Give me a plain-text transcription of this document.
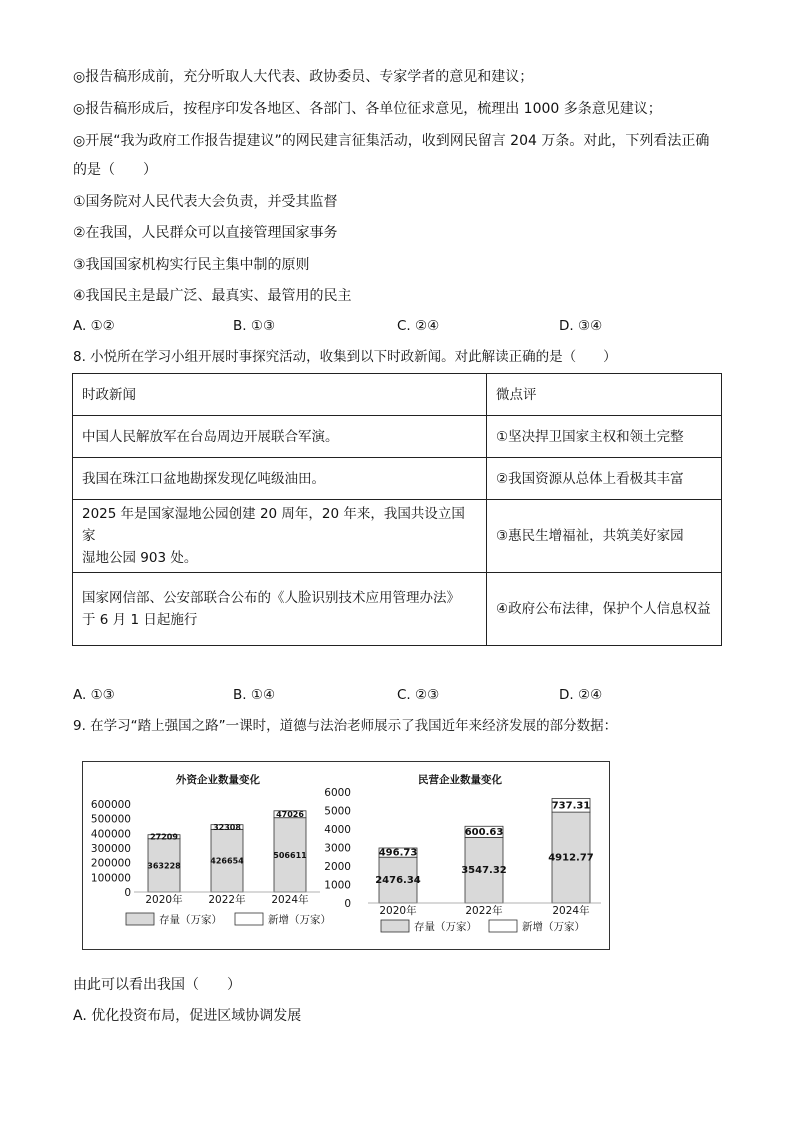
◎报告稿形成前，充分听取人大代表、政协委员、专家学者的意见和建议；
◎报告稿形成后，按程序印发各地区、各部门、各单位征求意见，梳理出 1000 多条意见建议；
◎开展“我为政府工作报告提建议”的网民建言征集活动，收到网民留言 204 万条。对此，下列看法正确
的是（　　）
①国务院对人民代表大会负责，并受其监督
②在我国，人民群众可以直接管理国家事务
③我国国家机构实行民主集中制的原则
④我国民主是最广泛、最真实、最管用的民主
A. ①②	B. ①③	C. ②④	D. ③④
8. 小悦所在学习小组开展时事探究活动，收集到以下时政新闻。对此解读正确的是（　　）
时政新闻	微点评
中国人民解放军在台岛周边开展联合军演。	①坚决捍卫国家主权和领土完整
我国在珠江口盆地勘探发现亿吨级油田。	②我国资源从总体上看极其丰富
2025 年是国家湿地公园创建 20 周年，20 年来，我国共设立国家
湿地公园 903 处。	③惠民生增福祉，共筑美好家园
国家网信部、公安部联合公布的《人脸识别技术应用管理办法》
于 6 月 1 日起施行	④政府公布法律，保护个人信息权益
A. ①③	B. ①④	C. ②③	D. ②④
9. 在学习“踏上强国之路”一课时，道德与法治老师展示了我国近年来经济发展的部分数据：
外资企业数量变化
600000
500000
400000
300000
200000
100000
0
363228
27209
2020年
426654
32308
2022年
506611
47026
2024年
存量（万家）	新增（万家）
民营企业数量变化
6000
5000
4000
3000
2000
1000
0
2476.34
496.73
2020年
3547.32
600.63
2022年
4912.77
737.31
2024年
存量（万家）	新增（万家）
由此可以看出我国（　　）
A. 优化投资布局，促进区域协调发展
